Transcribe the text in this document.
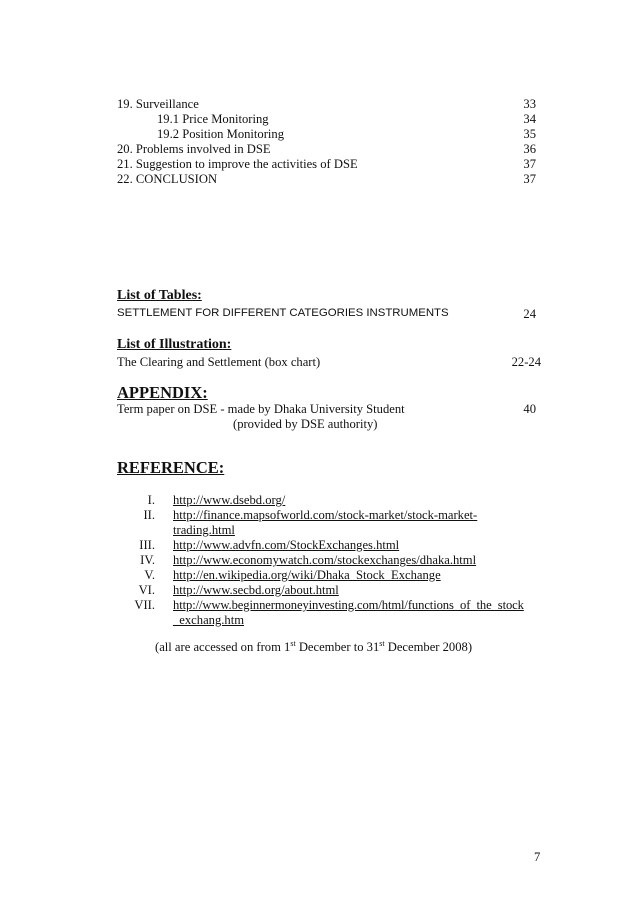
19. Surveillance	33
19.1 Price Monitoring	34
19.2 Position Monitoring	35
20. Problems involved in DSE	36
21. Suggestion to improve the activities of DSE	37
22. CONCLUSION	37
List of Tables:
SETTLEMENT FOR DIFFERENT CATEGORIES INSTRUMENTS	24
List of Illustration:
The Clearing and Settlement (box chart)	22-24
APPENDIX:
Term paper on DSE - made by Dhaka University Student	40
(provided by DSE authority)
REFERENCE:
I. http://www.dsebd.org/
II. http://finance.mapsofworld.com/stock-market/stock-market-
trading.html
III. http://www.advfn.com/StockExchanges.html
IV. http://www.economywatch.com/stockexchanges/dhaka.html
V. http://en.wikipedia.org/wiki/Dhaka_Stock_Exchange
VI. http://www.secbd.org/about.html
VII. http://www.beginnermoneyinvesting.com/html/functions_of_the_stock
_exchang.htm
(all are accessed on from 1st December to 31st December 2008)
7
